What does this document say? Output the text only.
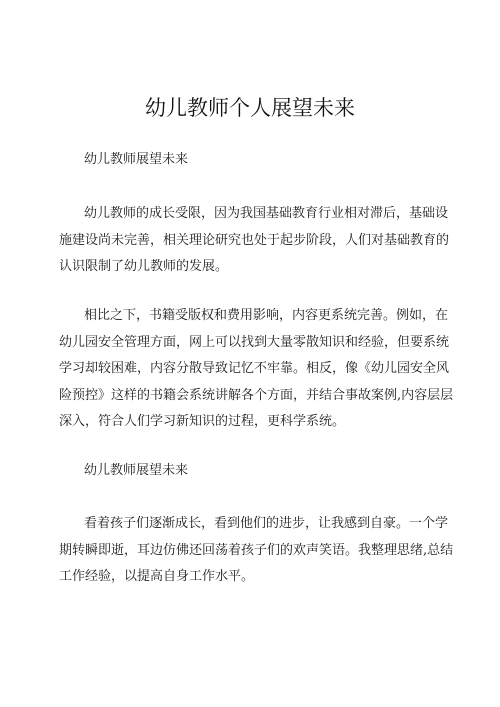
幼儿教师个人展望未来

幼儿教师展望未来

幼儿教师的成长受限，因为我国基础教育行业相对滞后，基础设
施建设尚未完善，相关理论研究也处于起步阶段，人们对基础教育的
认识限制了幼儿教师的发展。
相比之下，书籍受版权和费用影响，内容更系统完善。例如，在
幼儿园安全管理方面，网上可以找到大量零散知识和经验，但要系统
学习却较困难，内容分散导致记忆不牢靠。相反，像《幼儿园安全风
险预控》这样的书籍会系统讲解各个方面，并结合事故案例,内容层层
深入，符合人们学习新知识的过程，更科学系统。

幼儿教师展望未来

看着孩子们逐渐成长，看到他们的进步，让我感到自豪。一个学
期转瞬即逝，耳边仿佛还回荡着孩子们的欢声笑语。我整理思绪,总结
工作经验，以提高自身工作水平。
